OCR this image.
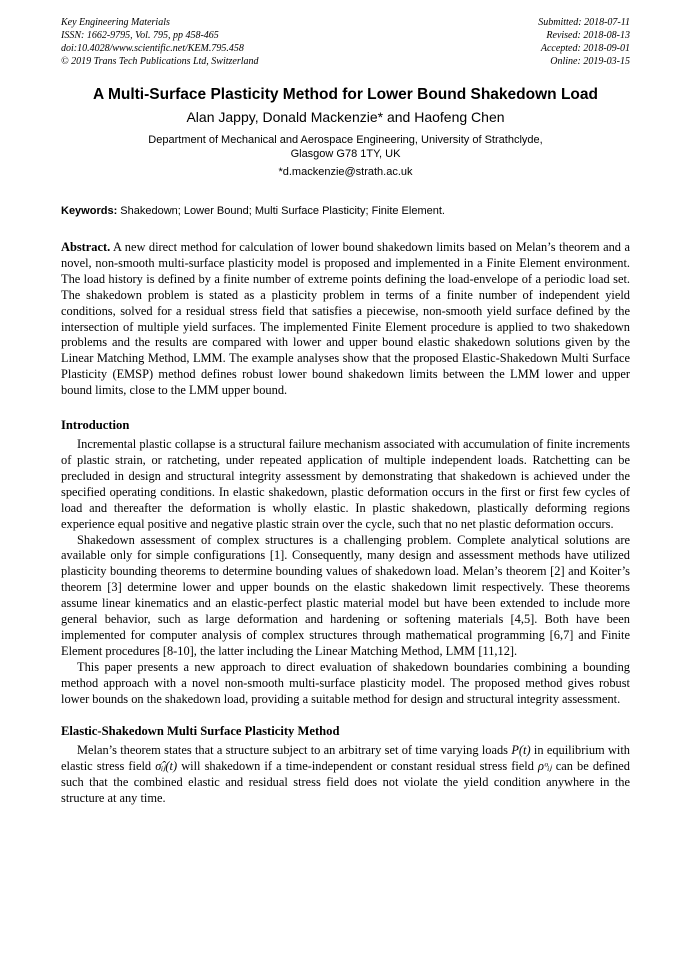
Key Engineering Materials
ISSN: 1662-9795, Vol. 795, pp 458-465
doi:10.4028/www.scientific.net/KEM.795.458
© 2019 Trans Tech Publications Ltd, Switzerland
Submitted: 2018-07-11
Revised: 2018-08-13
Accepted: 2018-09-01
Online: 2019-03-15
A Multi-Surface Plasticity Method for Lower Bound Shakedown Load
Alan Jappy, Donald Mackenzie* and Haofeng Chen
Department of Mechanical and Aerospace Engineering, University of Strathclyde,
Glasgow G78 1TY, UK
*d.mackenzie@strath.ac.uk

Keywords: Shakedown; Lower Bound; Multi Surface Plasticity; Finite Element.

Abstract. A new direct method for calculation of lower bound shakedown limits based on Melan’s theorem and a novel, non-smooth multi-surface plasticity model is proposed and implemented in a Finite Element environment. The load history is defined by a finite number of extreme points defining the load-envelope of a periodic load set. The shakedown problem is stated as a plasticity problem in terms of a finite number of independent yield conditions, solved for a residual stress field that satisfies a piecewise, non-smooth yield surface defined by the intersection of multiple yield surfaces. The implemented Finite Element procedure is applied to two shakedown problems and the results are compared with lower and upper bound elastic shakedown solutions given by the Linear Matching Method, LMM. The example analyses show that the proposed Elastic-Shakedown Multi Surface Plasticity (EMSP) method defines robust lower bound shakedown limits between the LMM lower and upper bound limits, close to the LMM upper bound.

Introduction

Incremental plastic collapse is a structural failure mechanism associated with accumulation of finite increments of plastic strain, or ratcheting, under repeated application of multiple independent loads. Ratchetting can be precluded in design and structural integrity assessment by demonstrating that shakedown is achieved under the specified operating conditions. In elastic shakedown, plastic deformation occurs in the first or first few cycles of load and thereafter the deformation is wholly elastic. In plastic shakedown, plastically deforming regions experience equal positive and negative plastic strain over the cycle, such that no net plastic deformation occurs.

Shakedown assessment of complex structures is a challenging problem. Complete analytical solutions are available only for simple configurations [1]. Consequently, many design and assessment methods have utilized plasticity bounding theorems to determine bounding values of shakedown load. Melan’s theorem [2] and Koiter’s theorem [3] determine lower and upper bounds on the elastic shakedown limit respectively. These theorems assume linear kinematics and an elastic-perfect plastic material model but have been extended to include more general behavior, such as large deformation and hardening or softening materials [4,5]. Both have been implemented for computer analysis of complex structures through mathematical programming [6,7] and Finite Element procedures [8-10], the latter including the Linear Matching Method, LMM [11,12].

This paper presents a new approach to direct evaluation of shakedown boundaries combining a bounding method approach with a novel non-smooth multi-surface plasticity model. The proposed method gives robust lower bounds on the shakedown load, providing a suitable method for design and structural integrity assessment.

Elastic-Shakedown Multi Surface Plasticity Method

Melan’s theorem states that a structure subject to an arbitrary set of time varying loads P(t) in equilibrium with elastic stress field σ̂ᵢⱼ(t) will shakedown if a time-independent or constant residual stress field ρᵒᵢⱼ can be defined such that the combined elastic and residual stress field does not violate the yield condition anywhere in the structure at any time.
